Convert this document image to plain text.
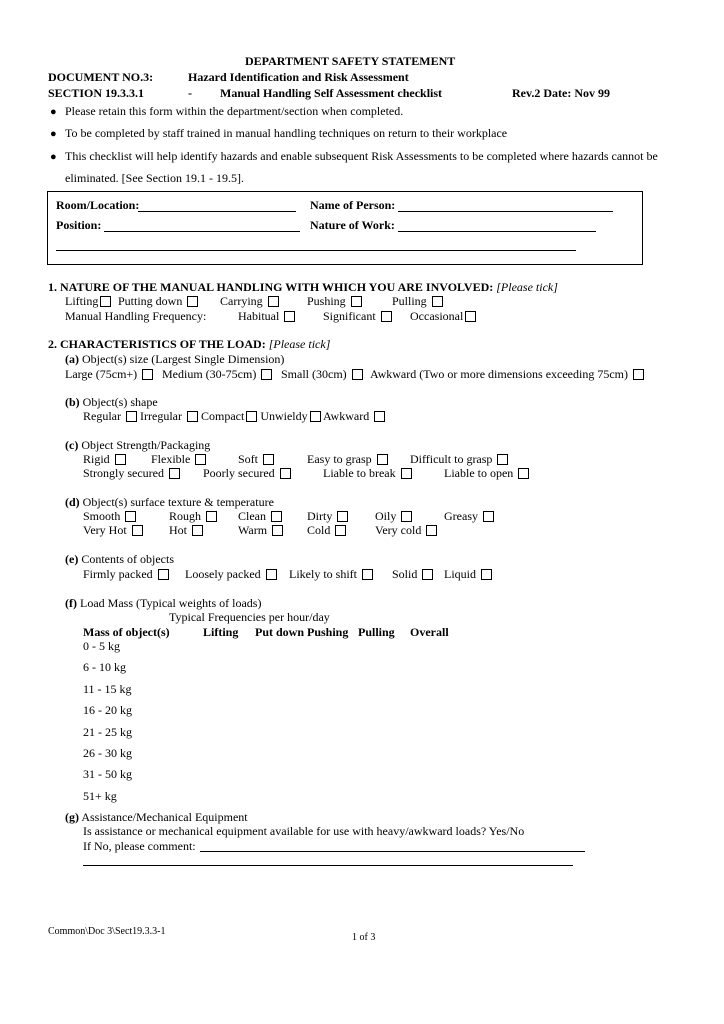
DEPARTMENT SAFETY STATEMENT
DOCUMENT NO.3:	Hazard Identification and Risk Assessment
SECTION 19.3.3.1	- Manual Handling Self Assessment checklist	Rev.2 Date: Nov 99
● Please retain this form within the department/section when completed.
● To be completed by staff trained in manual handling techniques on return to their workplace
● This checklist will help identify hazards and enable subsequent Risk Assessments to be completed where hazards cannot be
eliminated. [See Section 19.1 - 19.5].
Room/Location:	Name of Person:
Position:	Nature of Work:
1. NATURE OF THE MANUAL HANDLING WITH WHICH YOU ARE INVOLVED: [Please tick]
Lifting	Putting down	Carrying	Pushing	Pulling
Manual Handling Frequency:	Habitual	Significant	Occasional
2. CHARACTERISTICS OF THE LOAD: [Please tick]
(a) Object(s) size (Largest Single Dimension)
Large (75cm+)	Medium (30-75cm)	Small (30cm)	Awkward (Two or more dimensions exceeding 75cm)
(b) Object(s) shape
Regular Irregular Compact Unwieldy Awkward
(c) Object Strength/Packaging
Rigid	Flexible	Soft	Easy to grasp	Difficult to grasp
Strongly secured	Poorly secured	Liable to break	Liable to open
(d) Object(s) surface texture & temperature
Smooth	Rough	Clean	Dirty	Oily	Greasy
Very Hot	Hot	Warm	Cold	Very cold
(e) Contents of objects
Firmly packed	Loosely packed	Likely to shift	Solid	Liquid
(f) Load Mass (Typical weights of loads)
Typical Frequencies per hour/day
Mass of object(s)	Lifting Put down Pushing Pulling Overall
0 - 5 kg
6 - 10 kg
11 - 15 kg
16 - 20 kg
21 - 25 kg
26 - 30 kg
31 - 50 kg
51+ kg
(g) Assistance/Mechanical Equipment
Is assistance or mechanical equipment available for use with heavy/awkward loads? Yes/No
If No, please comment:
Common\Doc 3\Sect19.3.3-1
1 of 3
